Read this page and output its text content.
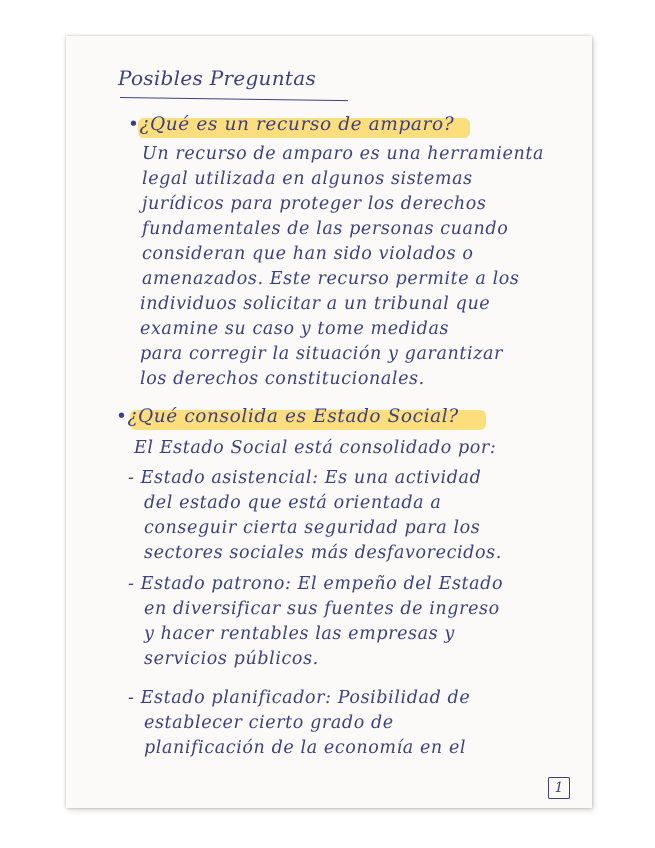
Posibles Preguntas
•¿Qué es un recurso de amparo?
Un recurso de amparo es una herramienta
legal utilizada en algunos sistemas
jurídicos para proteger los derechos
fundamentales de las personas cuando
consideran que han sido violados o
amenazados. Este recurso permite a los
individuos solicitar a un tribunal que
examine su caso y tome medidas
para corregir la situación y garantizar
los derechos constitucionales.
•¿Qué consolida es Estado Social?
El Estado Social está consolidado por:
- Estado asistencial: Es una actividad
del estado que está orientada a
conseguir cierta seguridad para los
sectores sociales más desfavorecidos.
- Estado patrono: El empeño del Estado
en diversificar sus fuentes de ingreso
y hacer rentables las empresas y
servicios públicos.
- Estado planificador: Posibilidad de
establecer cierto grado de
planificación de la economía en el
1
